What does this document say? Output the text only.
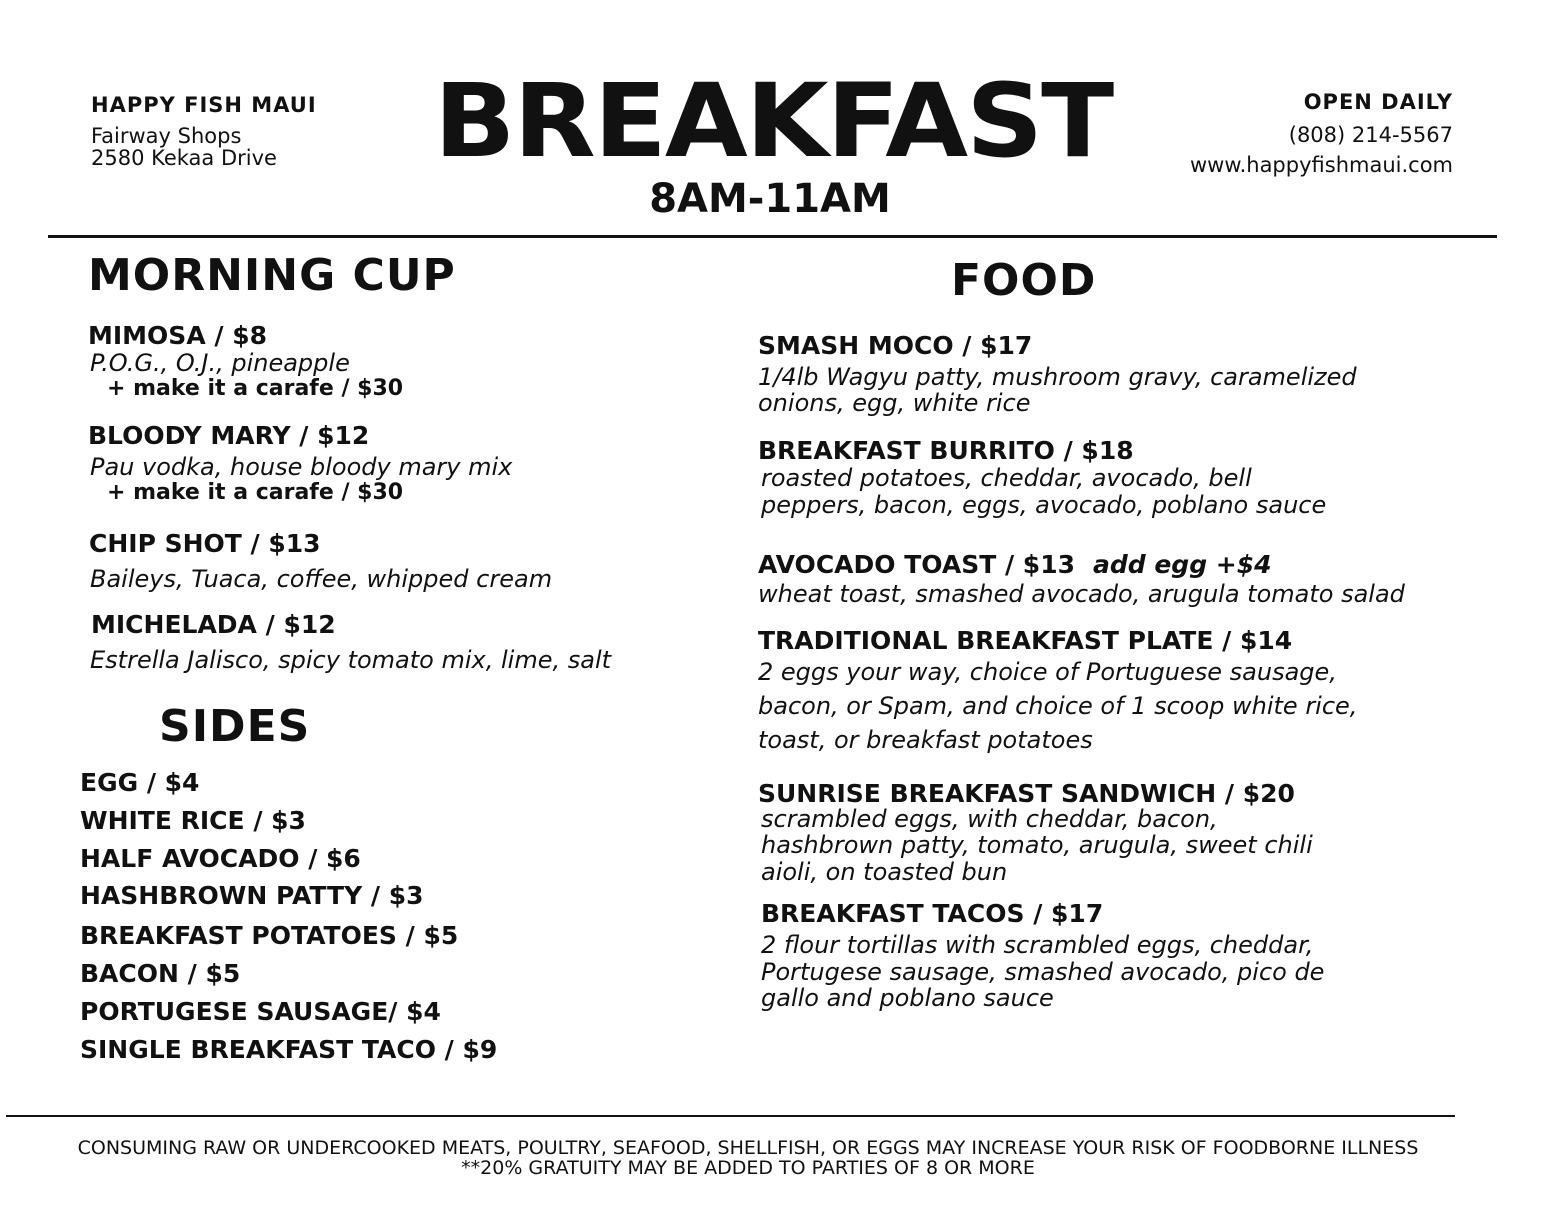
HAPPY FISH MAUI
Fairway Shops
2580 Kekaa Drive	BREAKFAST
8AM-11AM
OPEN DAILY
(808) 214-5567
www.happyfishmaui.com
MORNING CUP
MIMOSA / $8
P.O.G., O.J., pineapple
+ make it a carafe / $30
BLOODY MARY / $12
Pau vodka, house bloody mary mix
+ make it a carafe / $30
CHIP SHOT / $13
Baileys, Tuaca, coffee, whipped cream
MICHELADA / $12
Estrella Jalisco, spicy tomato mix, lime, salt
SIDES
EGG / $4
WHITE RICE / $3
HALF AVOCADO / $6
HASHBROWN PATTY / $3
BREAKFAST POTATOES / $5
BACON / $5
PORTUGESE SAUSAGE/ $4
SINGLE BREAKFAST TACO / $9
FOOD
SMASH MOCO / $17
1/4lb Wagyu patty, mushroom gravy, caramelized
onions, egg, white rice
BREAKFAST BURRITO / $18
roasted potatoes, cheddar, avocado, bell
peppers, bacon, eggs, avocado, poblano sauce
AVOCADO TOAST / $13 add egg +$4
wheat toast, smashed avocado, arugula tomato salad
TRADITIONAL BREAKFAST PLATE / $14
2 eggs your way, choice of Portuguese sausage,
bacon, or Spam, and choice of 1 scoop white rice,
toast, or breakfast potatoes
SUNRISE BREAKFAST SANDWICH / $20
scrambled eggs, with cheddar, bacon,
hashbrown patty, tomato, arugula, sweet chili
aioli, on toasted bun
BREAKFAST TACOS / $17
2 flour tortillas with scrambled eggs, cheddar,
Portugese sausage, smashed avocado, pico de
gallo and poblano sauce
CONSUMING RAW OR UNDERCOOKED MEATS, POULTRY, SEAFOOD, SHELLFISH, OR EGGS MAY INCREASE YOUR RISK OF FOODBORNE ILLNESS
**20% GRATUITY MAY BE ADDED TO PARTIES OF 8 OR MORE
